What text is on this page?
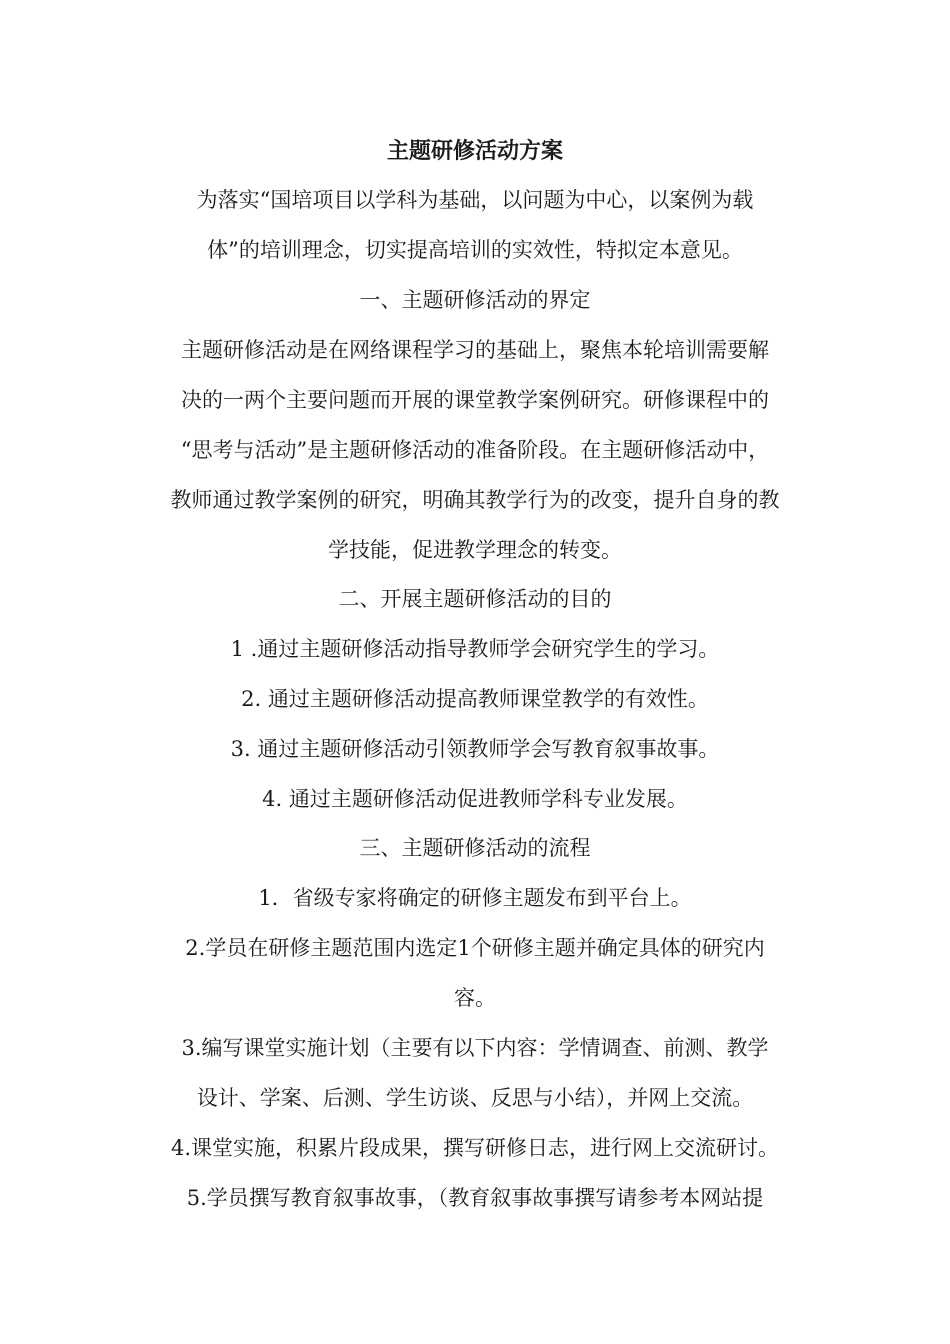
主题研修活动方案
为落实“国培项目以学科为基础，以问题为中心，以案例为载
体”的培训理念，切实提高培训的实效性，特拟定本意见。
一、主题研修活动的界定
主题研修活动是在网络课程学习的基础上，聚焦本轮培训需要解
决的一两个主要问题而开展的课堂教学案例研究。研修课程中的
“思考与活动”是主题研修活动的准备阶段。在主题研修活动中，
教师通过教学案例的研究，明确其教学行为的改变，提升自身的教
学技能，促进教学理念的转变。
二、开展主题研修活动的目的
1 .通过主题研修活动指导教师学会研究学生的学习。
2. 通过主题研修活动提高教师课堂教学的有效性。
3. 通过主题研修活动引领教师学会写教育叙事故事。
4. 通过主题研修活动促进教师学科专业发展。
三、主题研修活动的流程
1．省级专家将确定的研修主题发布到平台上。
2.学员在研修主题范围内选定1个研修主题并确定具体的研究内
容。
3.编写课堂实施计划（主要有以下内容：学情调查、前测、教学
设计、学案、后测、学生访谈、反思与小结），并网上交流。
4.课堂实施，积累片段成果，撰写研修日志，进行网上交流研讨。
5.学员撰写教育叙事故事，（教育叙事故事撰写请参考本网站提
